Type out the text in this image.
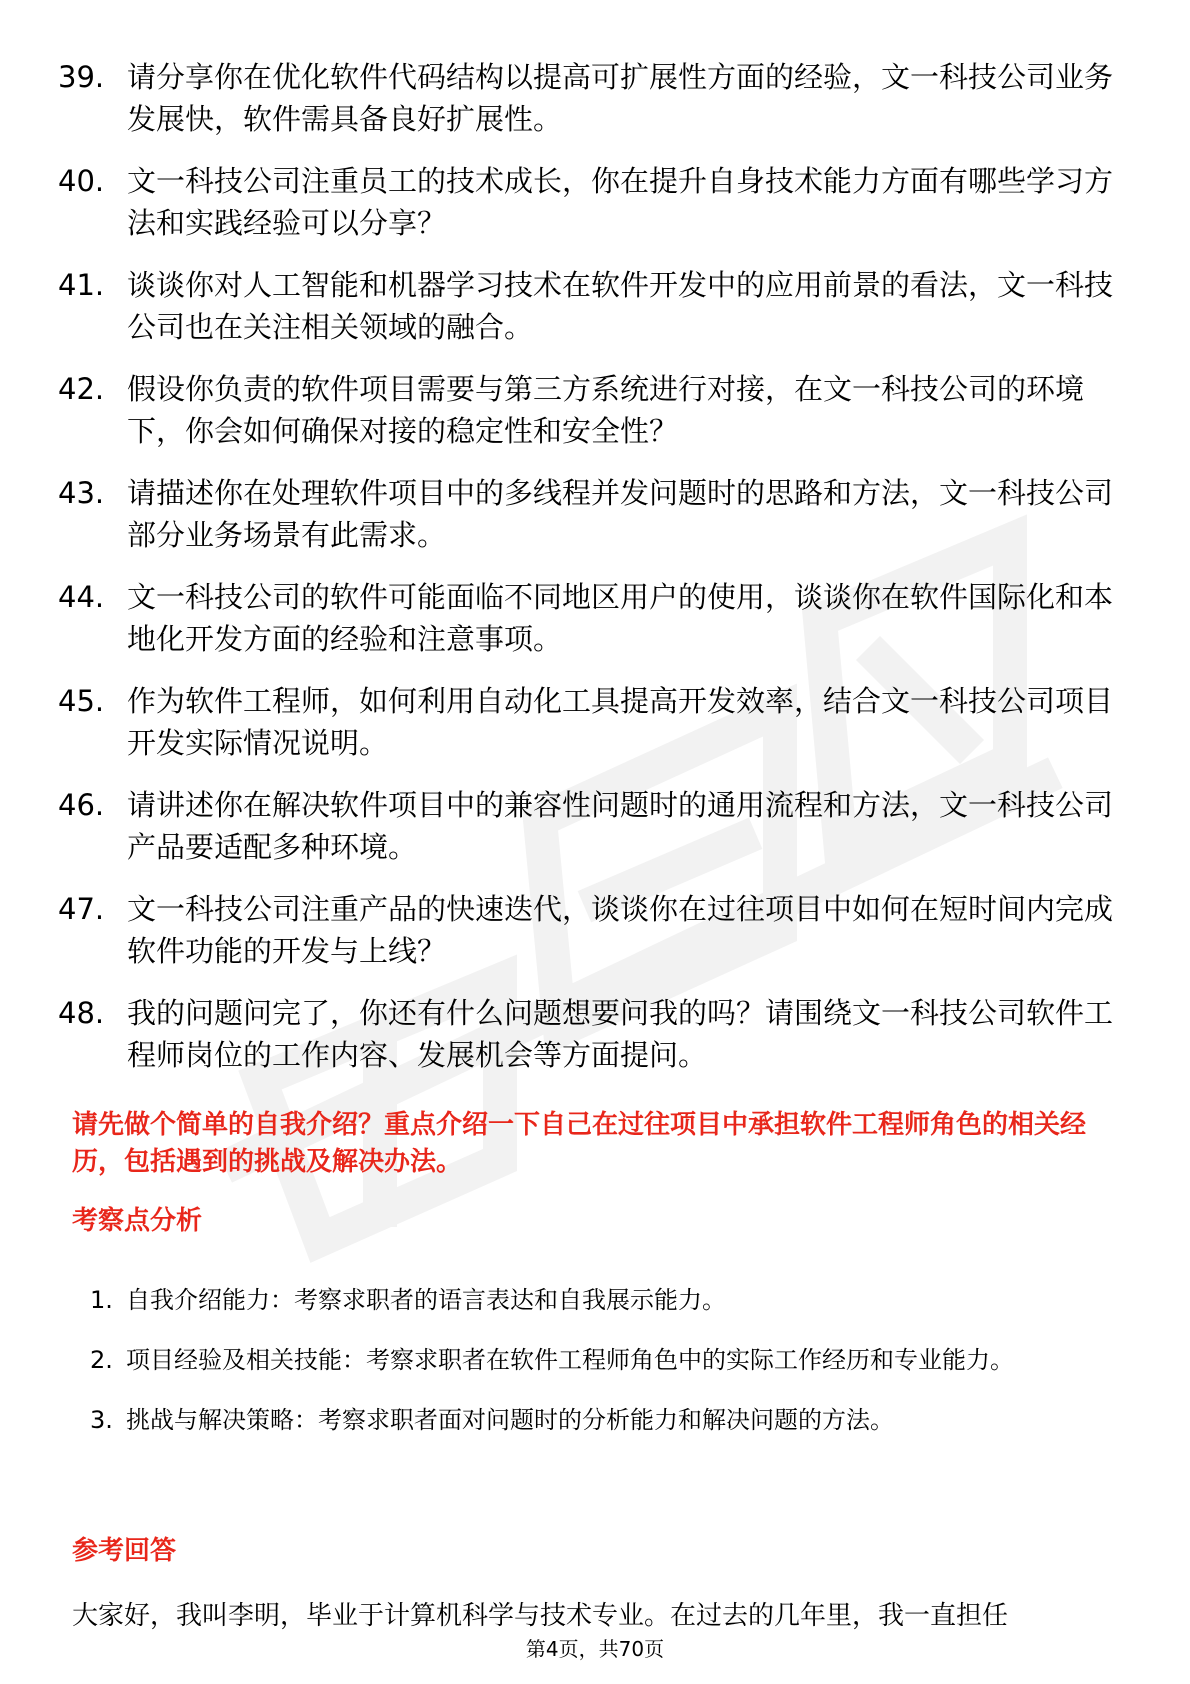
39. 请分享你在优化软件代码结构以提高可扩展性方面的经验，文一科技公司业务发展快，软件需具备良好扩展性。
40. 文一科技公司注重员工的技术成长，你在提升自身技术能力方面有哪些学习方法和实践经验可以分享？
41. 谈谈你对人工智能和机器学习技术在软件开发中的应用前景的看法，文一科技公司也在关注相关领域的融合。
42. 假设你负责的软件项目需要与第三方系统进行对接，在文一科技公司的环境下，你会如何确保对接的稳定性和安全性？
43. 请描述你在处理软件项目中的多线程并发问题时的思路和方法，文一科技公司部分业务场景有此需求。
44. 文一科技公司的软件可能面临不同地区用户的使用，谈谈你在软件国际化和本地化开发方面的经验和注意事项。
45. 作为软件工程师，如何利用自动化工具提高开发效率，结合文一科技公司项目开发实际情况说明。
46. 请讲述你在解决软件项目中的兼容性问题时的通用流程和方法，文一科技公司产品要适配多种环境。
47. 文一科技公司注重产品的快速迭代，谈谈你在过往项目中如何在短时间内完成软件功能的开发与上线？
48. 我的问题问完了，你还有什么问题想要问我的吗？请围绕文一科技公司软件工程师岗位的工作内容、发展机会等方面提问。

请先做个简单的自我介绍？重点介绍一下自己在过往项目中承担软件工程师角色的相关经历，包括遇到的挑战及解决办法。

考察点分析
1. 自我介绍能力：考察求职者的语言表达和自我展示能力。
2. 项目经验及相关技能：考察求职者在软件工程师角色中的实际工作经历和专业能力。
3. 挑战与解决策略：考察求职者面对问题时的分析能力和解决问题的方法。
参考回答

大家好，我叫李明，毕业于计算机科学与技术专业。在过去的几年里，我一直担任

第4页，共70页
